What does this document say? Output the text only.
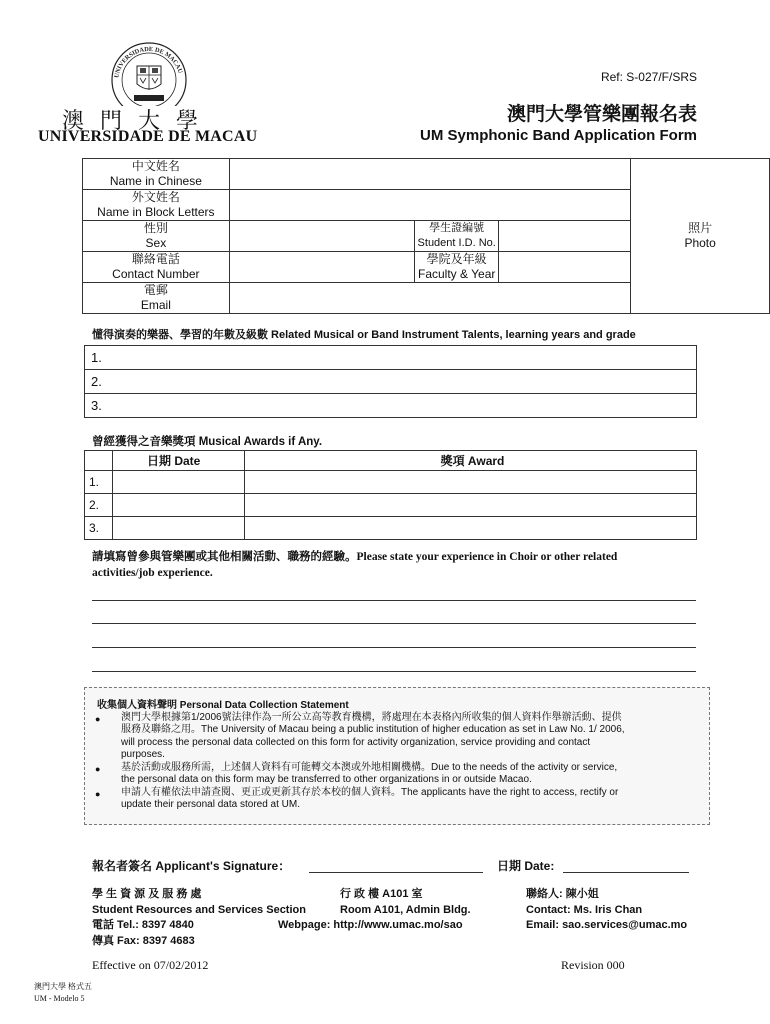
UNIVERSIDADE DE MACAU
澳門大學
UNIVERSIDADE DE MACAU
Ref: S-027/F/SRS
澳門大學管樂團報名表
UM Symphonic Band Application Form
中文姓名
Name in Chinese				照片
Photo

外文姓名
Name in Block Letters				

性別
Sex		學生證編號
Student I.D. No.		

聯絡電話
Contact Number		學院及年級
Faculty & Year		

電郵
Email				

懂得演奏的樂器、學習的年數及級數 Related Musical or Band Instrument Talents, learning years and grade
1.
2.
3.
曾經獲得之音樂獎項 Musical Awards if Any.
	日期 Date	獎項 Award
1.		
2.		
3.		
請填寫曾參與管樂團或其他相關活動、職務的經驗。Please state your experience in Choir or other related
activities/job experience.
收集個人資料聲明 Personal Data Collection Statement
● 澳門大學根據第1/2006號法律作為一所公立高等教育機構，將處理在本表格內所收集的個人資料作舉辦活動、提供
服務及聯絡之用。The University of Macau being a public institution of higher education as set in Law No. 1/ 2006,
will process the personal data collected on this form for activity organization, service providing and contact
purposes.
● 基於活動或服務所需，上述個人資料有可能轉交本澳或外地相關機構。Due to the needs of the activity or service,
the personal data on this form may be transferred to other organizations in or outside Macao.
● 申請人有權依法申請查閱、更正或更新其存於本校的個人資料。The applicants have the right to access, rectify or
update their personal data stored at UM.
報名者簽名 Applicant's Signature：	日期 Date:
學 生 資 源 及 服 務 處
Student Resources and Services Section
電話 Tel.: 8397 4840
傳真 Fax: 8397 4683
行 政 樓 A101 室
Room A101, Admin Bldg.
Webpage: http://www.umac.mo/sao
聯絡人: 陳小姐
Contact: Ms. Iris Chan
Email: sao.services@umac.mo
Effective on 07/02/2012	Revision 000
澳門大學 格式五
UM - Modelo 5
